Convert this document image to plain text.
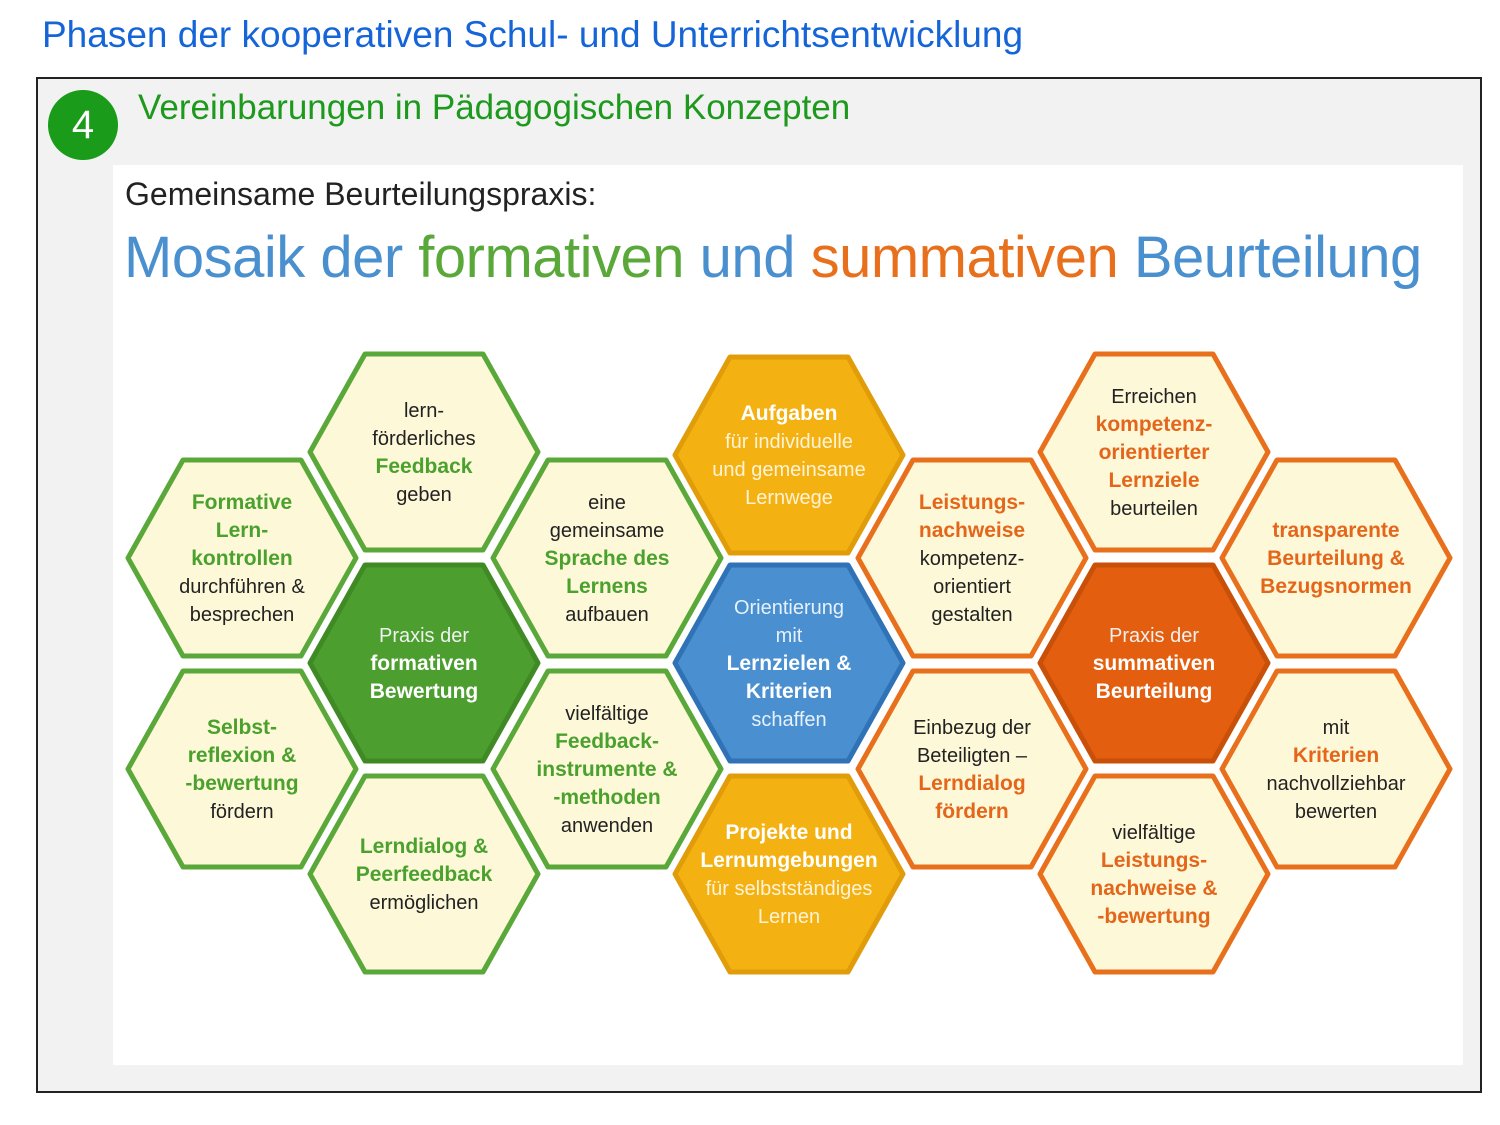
Phasen der kooperativen Schul- und Unterrichtsentwicklung
4	Vereinbarungen in Pädagogischen Konzepten
Gemeinsame Beurteilungspraxis:
Mosaik der formativen und summativen Beurteilung
Formative
Lern-
kontrollen
durchführen &
besprechen
Selbst-
reflexion &
-bewertung
fördern
lern-
förderliches
Feedback
geben
Praxis der
formativen
Bewertung
Lerndialog &
Peerfeedback
ermöglichen
eine
gemeinsame
Sprache des
Lernens
aufbauen
vielfältige
Feedback-
instrumente &
-methoden
anwenden
Aufgaben
für individuelle
und gemeinsame
Lernwege
Orientierung
mit
Lernzielen &
Kriterien
schaffen
Projekte und
Lernumgebungen
für selbstständiges
Lernen
Leistungs-
nachweise
kompetenz-
orientiert
gestalten
Einbezug der
Beteiligten –
Lerndialog
fördern
Erreichen
kompetenz-
orientierter
Lernziele
beurteilen
Praxis der
summativen
Beurteilung
vielfältige
Leistungs-
nachweise &
-bewertung
transparente
Beurteilung &
Bezugsnormen
mit
Kriterien
nachvollziehbar
bewerten
